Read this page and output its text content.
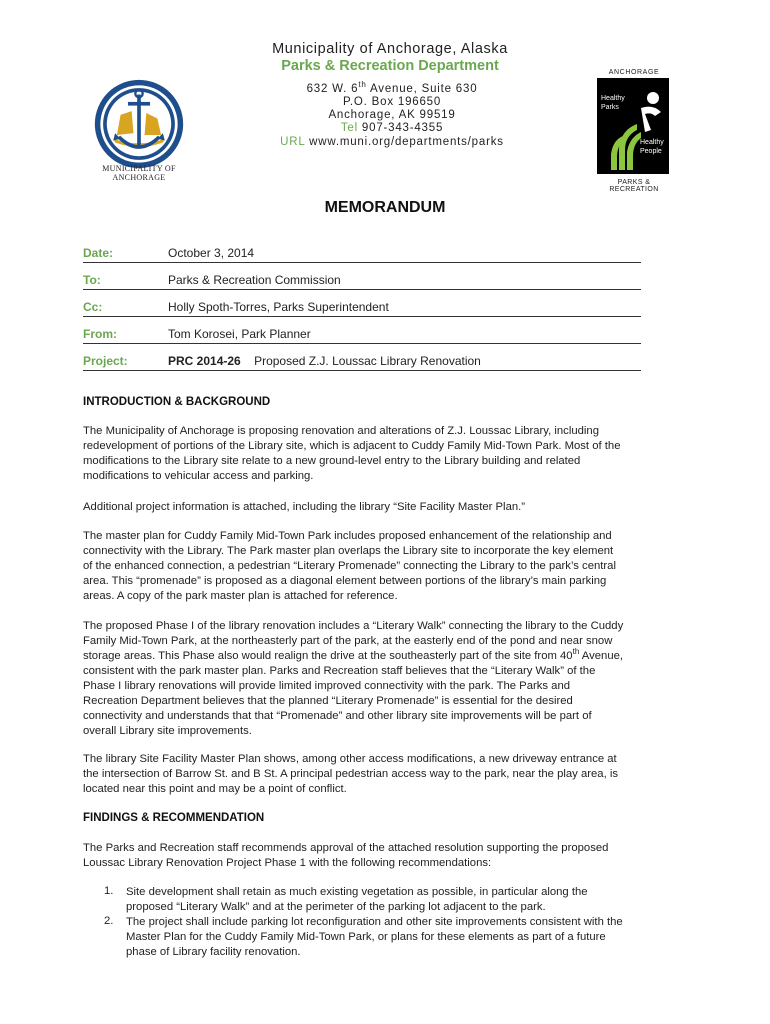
Municipality of Anchorage, Alaska
Parks & Recreation Department
632 W. 6th Avenue, Suite 630
P.O. Box 196650
Anchorage, AK 99519
Tel 907-343-4355
URL www.muni.org/departments/parks
MUNICIPALITY OF
ANCHORAGE
ANCHORAGE
Healthy
Parks
Healthy
People
PARKS & RECREATION
MEMORANDUM
Date:	October 3, 2014
To:	Parks & Recreation Commission
Cc:	Holly Spoth-Torres, Parks Superintendent
From:	Tom Korosei, Park Planner
Project:	PRC 2014-26 Proposed Z.J. Loussac Library Renovation
INTRODUCTION & BACKGROUND
The Municipality of Anchorage is proposing renovation and alterations of Z.J. Loussac Library, including
redevelopment of portions of the Library site, which is adjacent to Cuddy Family Mid-Town Park. Most of the
modifications to the Library site relate to a new ground-level entry to the Library building and related
modifications to vehicular access and parking.
Additional project information is attached, including the library “Site Facility Master Plan.”
The master plan for Cuddy Family Mid-Town Park includes proposed enhancement of the relationship and
connectivity with the Library. The Park master plan overlaps the Library site to incorporate the key element
of the enhanced connection, a pedestrian “Literary Promenade” connecting the Library to the park’s central
area. This “promenade” is proposed as a diagonal element between portions of the library’s main parking
areas. A copy of the park master plan is attached for reference.
The proposed Phase I of the library renovation includes a “Literary Walk” connecting the library to the Cuddy
Family Mid-Town Park, at the northeasterly part of the park, at the easterly end of the pond and near snow
storage areas. This Phase also would realign the drive at the southeasterly part of the site from 40th Avenue,
consistent with the park master plan. Parks and Recreation staff believes that the “Literary Walk” of the
Phase I library renovations will provide limited improved connectivity with the park. The Parks and
Recreation Department believes that the planned “Literary Promenade” is essential for the desired
connectivity and understands that that “Promenade” and other library site improvements will be part of
overall Library site improvements.
The library Site Facility Master Plan shows, among other access modifications, a new driveway entrance at
the intersection of Barrow St. and B St. A principal pedestrian access way to the park, near the play area, is
located near this point and may be a point of conflict.
FINDINGS & RECOMMENDATION
The Parks and Recreation staff recommends approval of the attached resolution supporting the proposed
Loussac Library Renovation Project Phase 1 with the following recommendations:
1. Site development shall retain as much existing vegetation as possible, in particular along the
proposed “Literary Walk” and at the perimeter of the parking lot adjacent to the park.
2. The project shall include parking lot reconfiguration and other site improvements consistent with the
Master Plan for the Cuddy Family Mid-Town Park, or plans for these elements as part of a future
phase of Library facility renovation.
